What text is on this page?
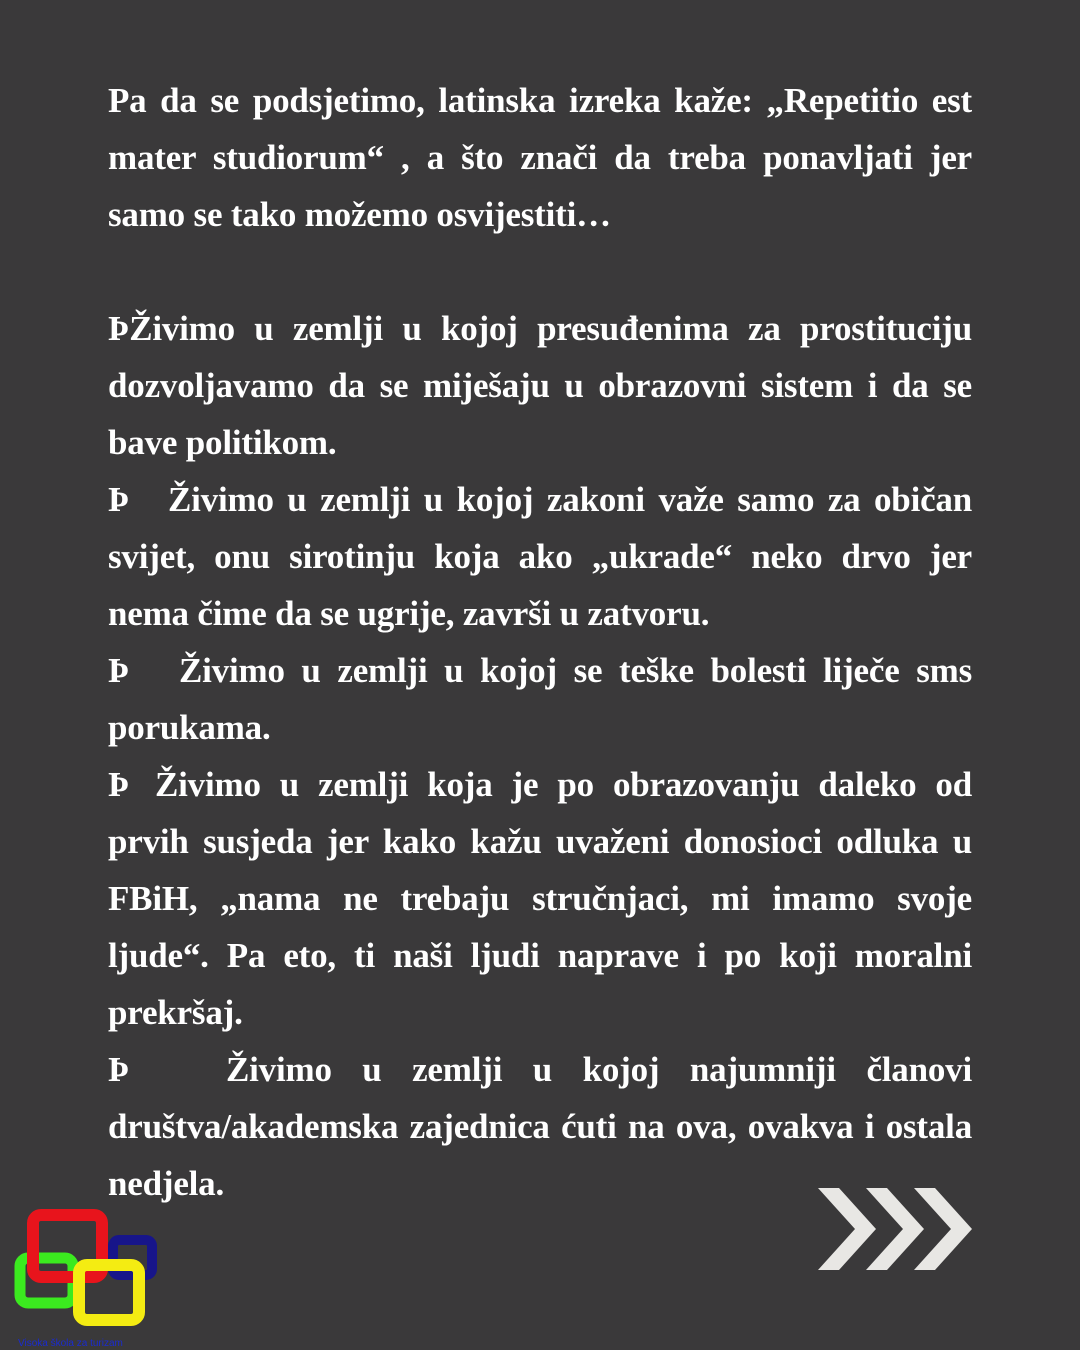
Pa da se podsjetimo, latinska izreka kaže: „Repetitio est mater studiorum“ , a što znači da treba ponavljati jer samo se tako možemo osvijestiti…

ÞŽivimo u zemlji u kojoj presuđenima za prostituciju dozvoljavamo da se miješaju u obrazovni sistem i da se bave politikom.

Þ Živimo u zemlji u kojoj zakoni važe samo za običan svijet, onu sirotinju koja ako „ukrade“ neko drvo jer nema čime da se ugrije, završi u zatvoru.

Þ Živimo u zemlji u kojoj se teške bolesti liječe sms porukama.

Þ Živimo u zemlji koja je po obrazovanju daleko od prvih susjeda jer kako kažu uvaženi donosioci odluka u FBiH, „nama ne trebaju stručnjaci, mi imamo svoje ljude“. Pa eto, ti naši ljudi naprave i po koji moralni prekršaj.

Þ	Živimo u zemlji u kojoj najumniji članovi društva/akademska zajednica ćuti na ova, ovakva i ostala nedjela.

Visoka škola za turizam
